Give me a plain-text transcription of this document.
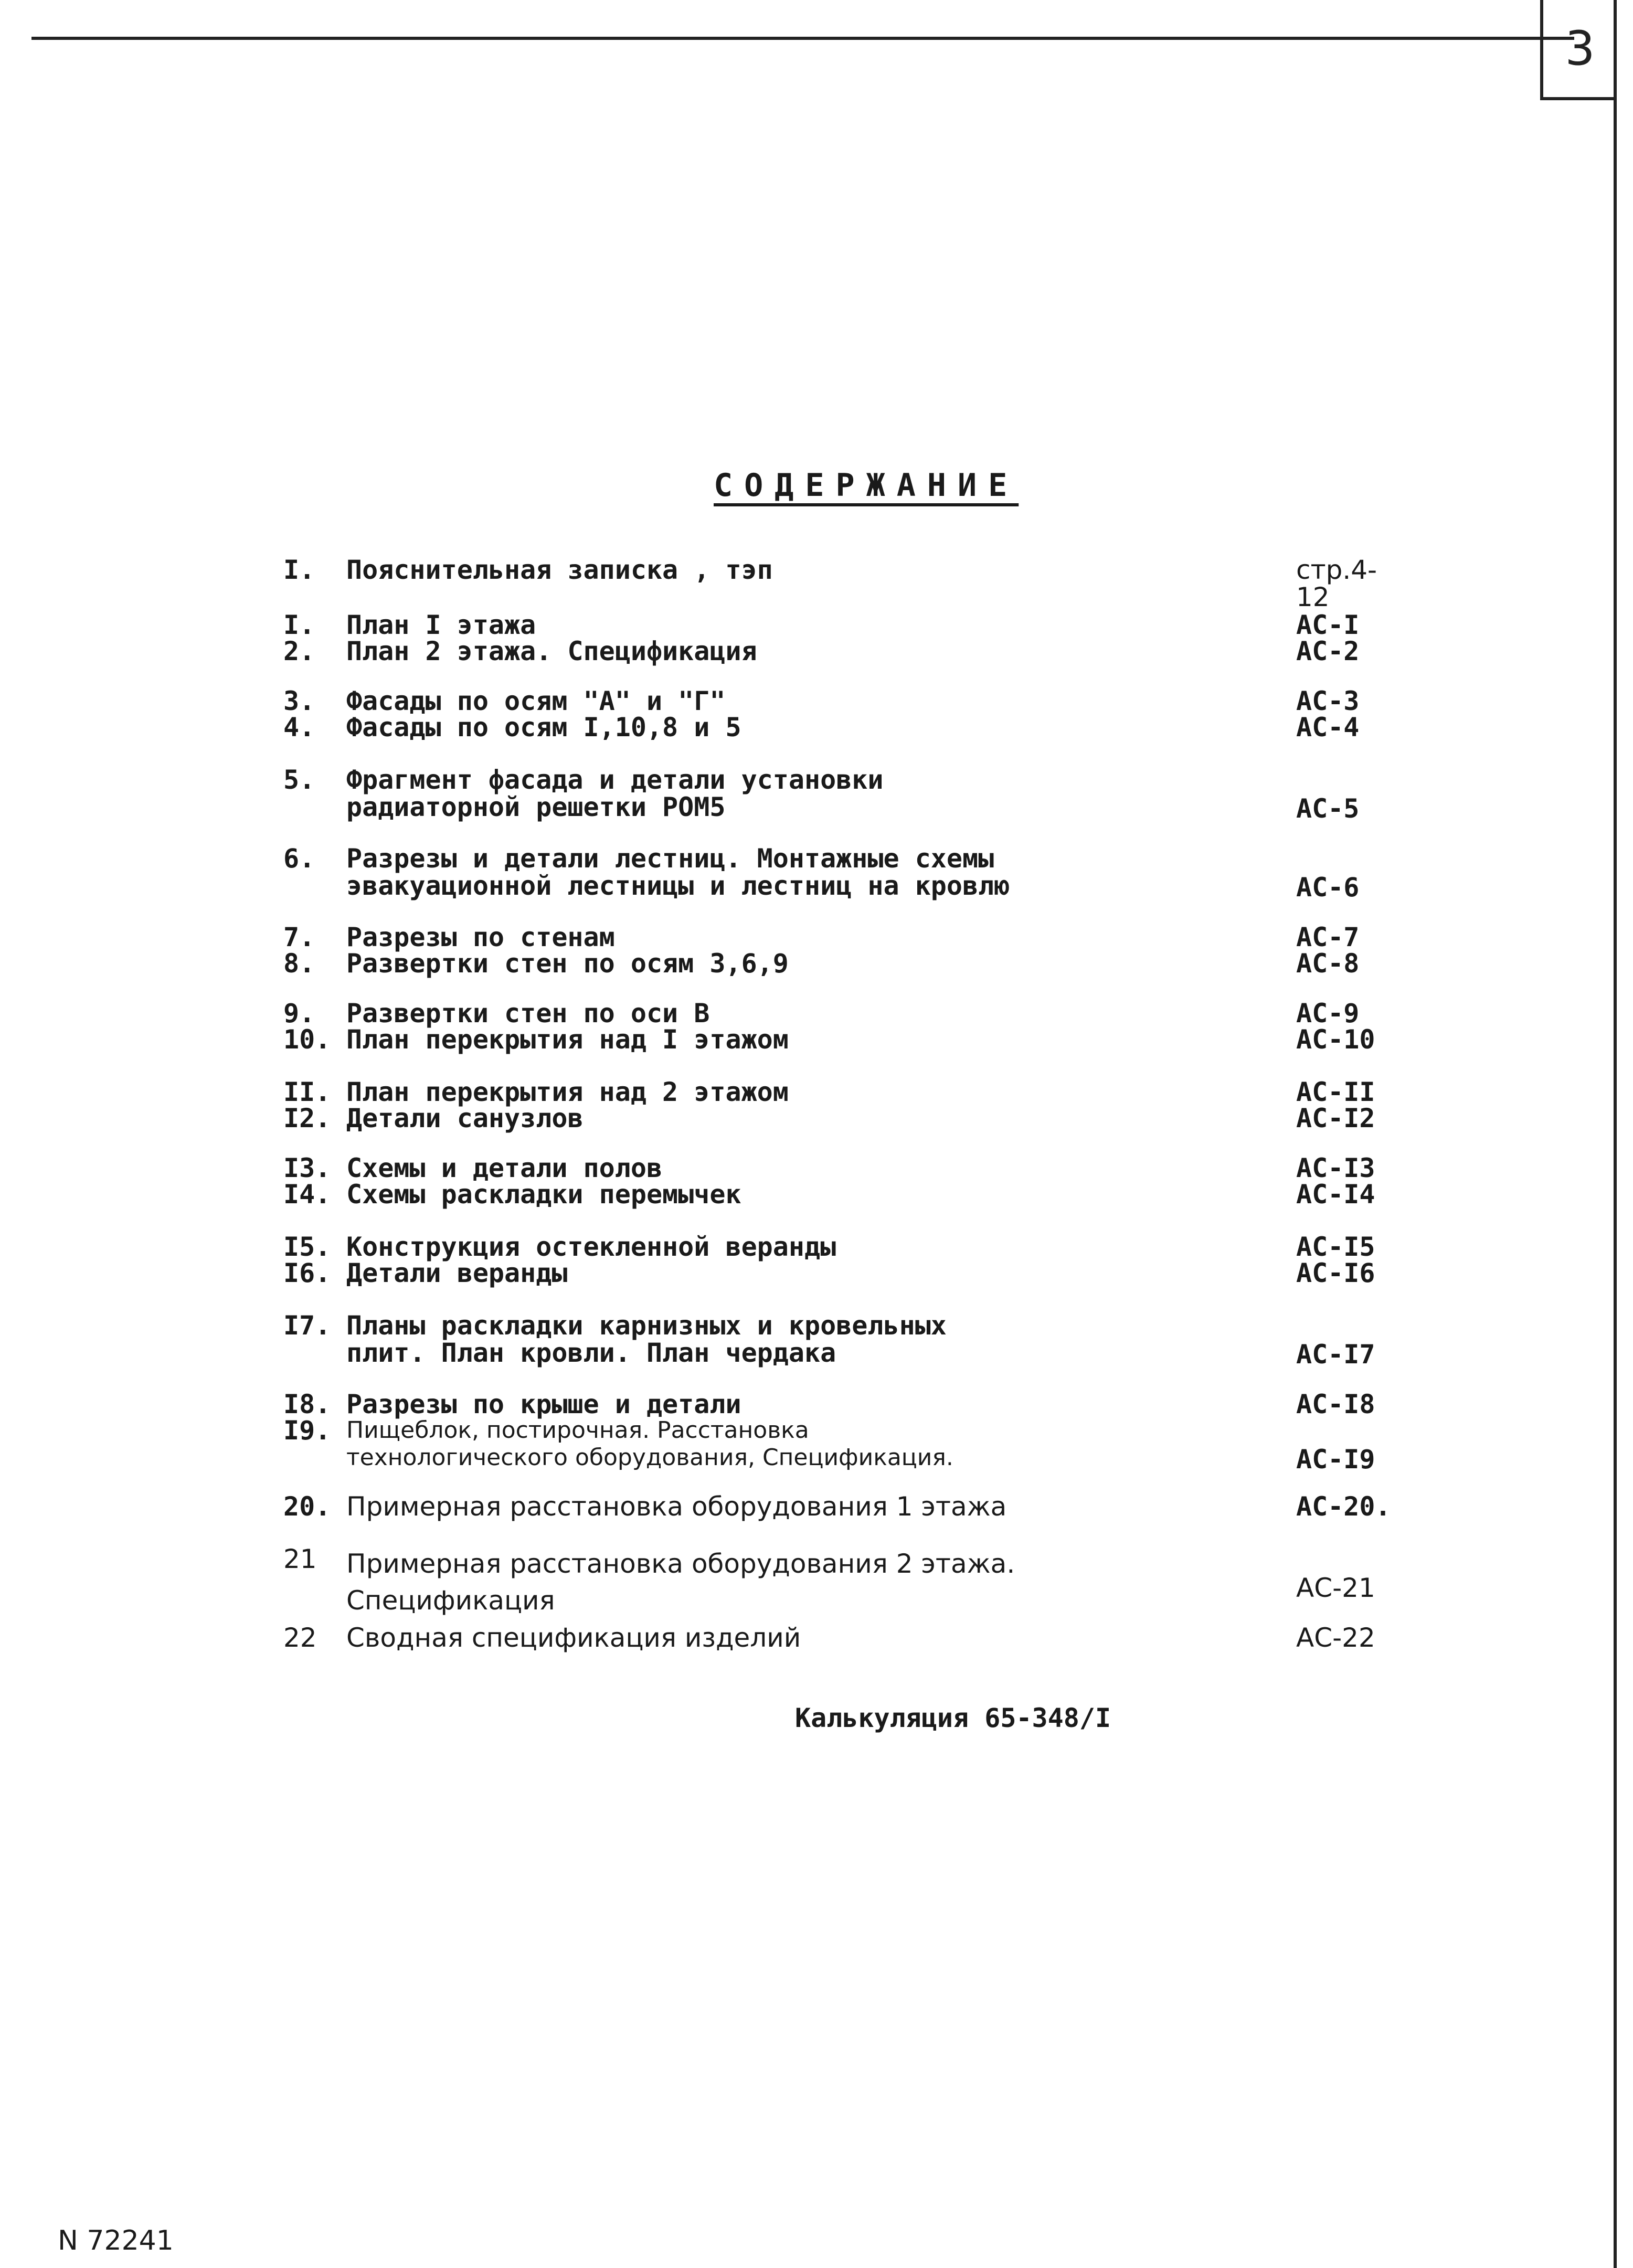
3
СОДЕРЖАНИЕ
I.	Пояснительная записка , тэп	стр.4-12
I.	План I этажа	АС-I
2.	План 2 этажа. Спецификация	АС-2
3.	Фасады по осям "А" и "Г"	АС-3
4.	Фасады по осям I,10,8 и 5	АС-4
5.	Фрагмент фасада и детали установки
радиаторной решетки РОМ5	АС-5
6.	Разрезы и детали лестниц. Монтажные схемы
эвакуационной лестницы и лестниц на кровлю	АС-6
7.	Разрезы по стенам	АС-7
8.	Развертки стен по осям 3,6,9	АС-8
9.	Развертки стен по оси В	АС-9
10. План перекрытия над I этажом	АС-10
II. План перекрытия над 2 этажом	АС-II
I2. Детали санузлов	АС-I2
I3. Схемы и детали полов	АС-I3
I4. Схемы раскладки перемычек	АС-I4
I5. Конструкция остекленной веранды	АС-I5
I6. Детали веранды	АС-I6
I7. Планы раскладки карнизных и кровельных
плит. План кровли. План чердака	АС-I7
I8. Разрезы по крыше и детали	АС-I8
I9. Пищеблок, постирочная. Расстановка
технологического оборудования, Спецификация.	АС-I9
20. Примерная расстановка оборудования 1 этажа	АС-20.
21	Примерная расстановка оборудования 2 этажа.
Спецификация	АС-21
22	Сводная спецификация изделий	АС-22
Калькуляция 65-348/I
N 72241
